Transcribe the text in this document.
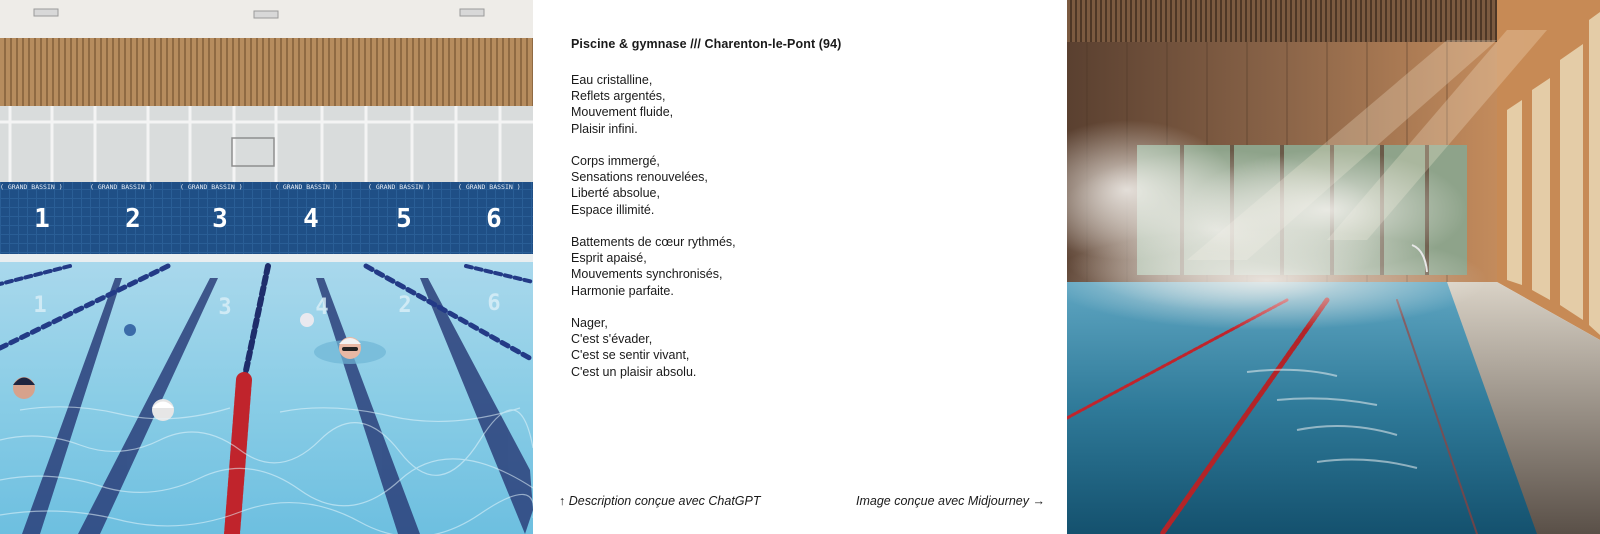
( GRAND BASSIN )	( GRAND BASSIN )	( GRAND BASSIN )	( GRAND BASSIN )	( GRAND BASSIN )	( GRAND BASSIN )
1	2	3	4	5	6
1	3	4	2	6
Piscine & gymnase /// Charenton-le-Pont (94)
Eau cristalline,
Reflets argentés,
Mouvement fluide,
Plaisir infini.
Corps immergé,
Sensations renouvelées,
Liberté absolue,
Espace illimité.
Battements de cœur rythmés,
Esprit apaisé,
Mouvements synchronisés,
Harmonie parfaite.
Nager,
C'est s'évader,
C'est se sentir vivant,
C'est un plaisir absolu.
↑ Description conçue avec ChatGPT	Image conçue avec Midjourney →
